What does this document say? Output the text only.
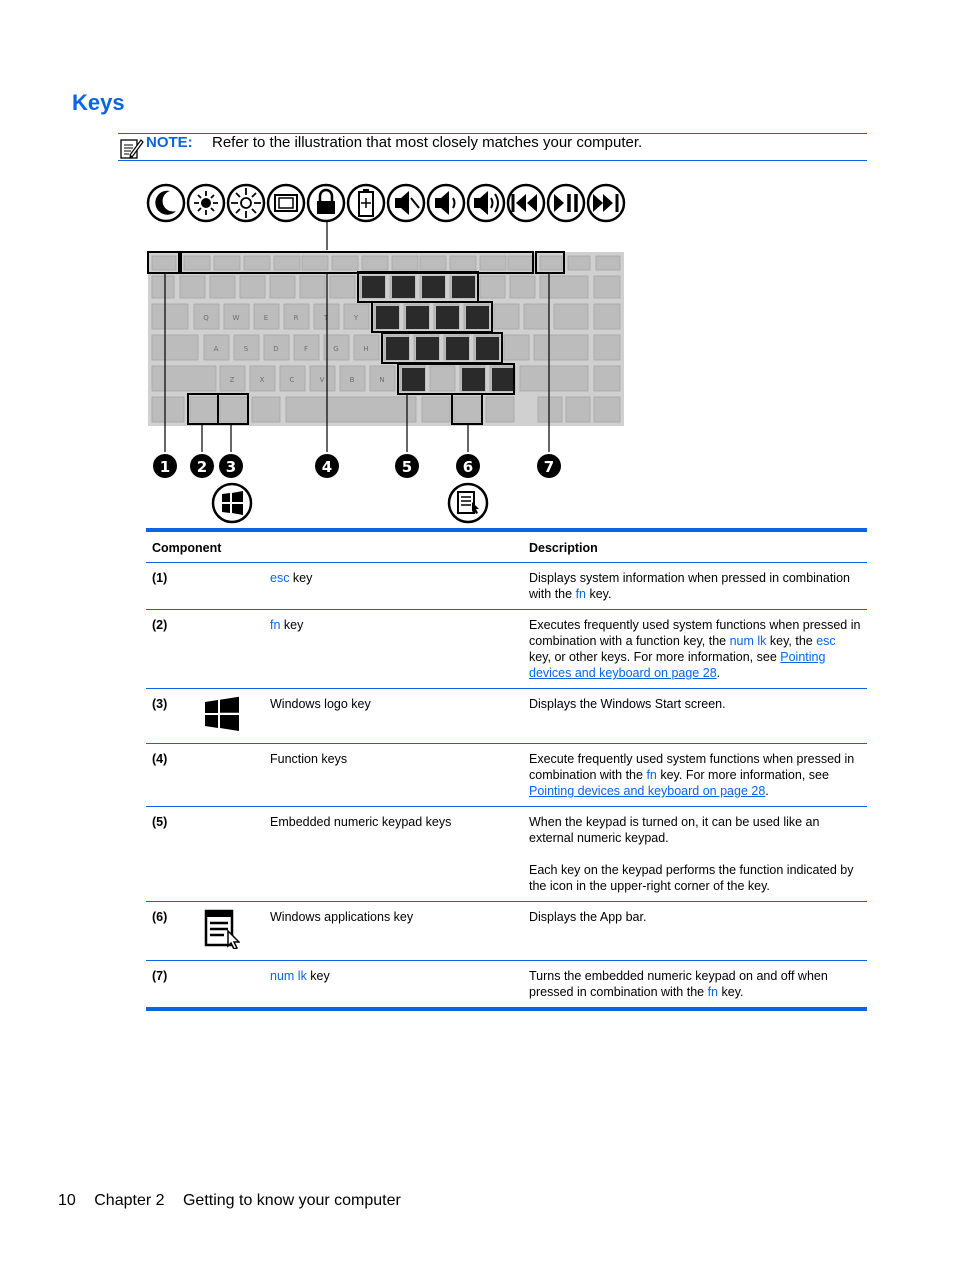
Keys
NOTE: Refer to the illustration that most closely matches your computer.
Q	W	E	R	T	Y
A	S	D	F	G	H
Z	X	C	V	B	N
1 2 3	4	5	6	7
Component			Description
(1)		esc key	Displays system information when pressed in combination with the fn key.
(2)		fn key	Executes frequently used system functions when pressed in combination with a function key, the num lk key, the esc key, or other keys. For more information, see Pointing devices and keyboard on page 28.
(3)		Windows logo key	Displays the Windows Start screen.
(4)		Function keys	Execute frequently used system functions when pressed in combination with the fn key. For more information, see Pointing devices and keyboard on page 28.
(5)		Embedded numeric keypad keys	When the keypad is turned on, it can be used like an external numeric keypad.

Each key on the keypad performs the function indicated by the icon in the upper-right corner of the key.
(6)		Windows applications key	Displays the App bar.
(7)		num lk key	Turns the embedded numeric keypad on and off when pressed in combination with the fn key.
10 Chapter 2 Getting to know your computer
